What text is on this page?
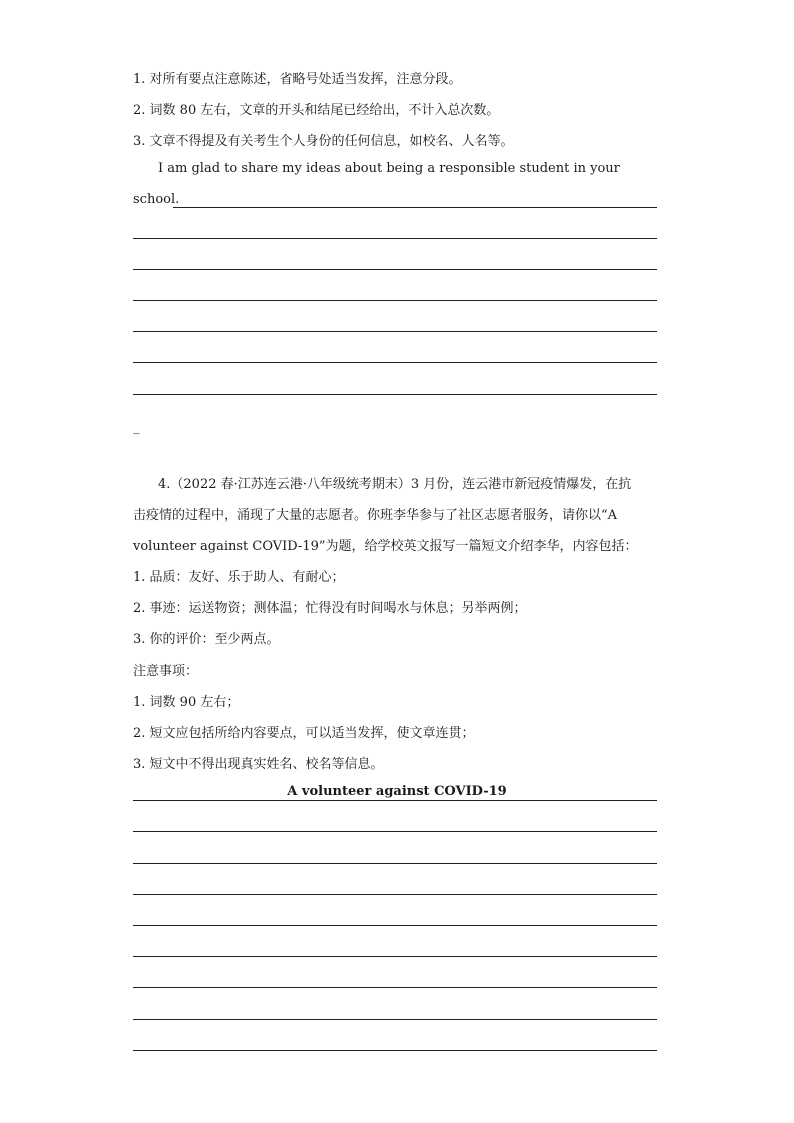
1. 对所有要点注意陈述，省略号处适当发挥，注意分段。
2. 词数 80 左右，文章的开头和结尾已经给出，不计入总次数。
3. 文章不得提及有关考生个人身份的任何信息，如校名、人名等。
I am glad to share my ideas about being a responsible student in your
school.
_
4.（2022 春·江苏连云港·八年级统考期末）3 月份，连云港市新冠疫情爆发，在抗
击疫情的过程中，涌现了大量的志愿者。你班李华参与了社区志愿者服务，请你以“A
volunteer against COVID-19”为题，给学校英文报写一篇短文介绍李华，内容包括：
1. 品质：友好、乐于助人、有耐心；
2. 事迹：运送物资；测体温；忙得没有时间喝水与休息；另举两例；
3. 你的评价：至少两点。
注意事项：
1. 词数 90 左右；
2. 短文应包括所给内容要点，可以适当发挥，使文章连贯；
3. 短文中不得出现真实姓名、校名等信息。
A volunteer against COVID-19
